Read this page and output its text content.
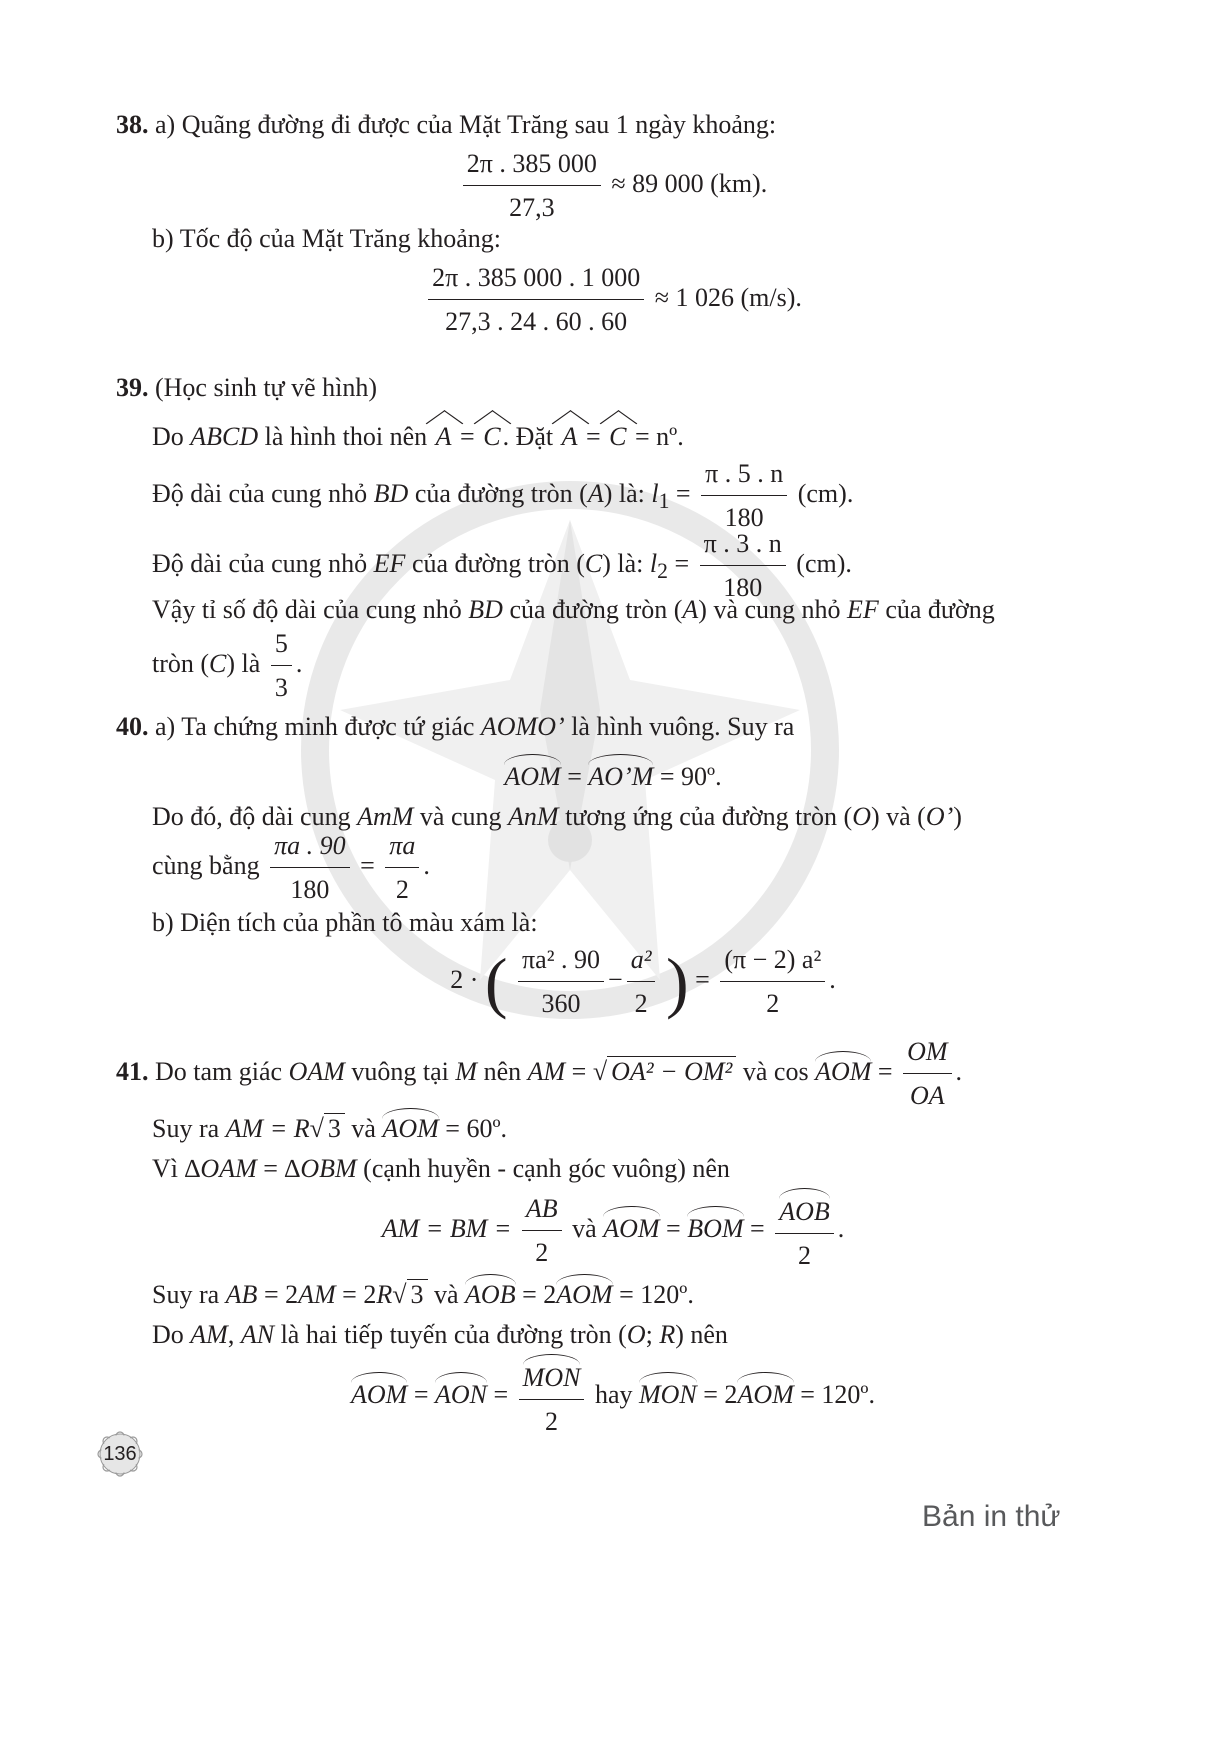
38. a) Quãng đường đi được của Mặt Trăng sau 1 ngày khoảng:
$\frac{2\pi . 385 000}{27,3} \approx 89$ 000 (km).
b) Tốc độ của Mặt Trăng khoảng:
$\frac{2\pi . 385 000 . 1 000}{27,3 . 24 . 60 . 60} \approx 1$ 026 (m/s).
39. (Học sinh tự vẽ hình)
Do ABCD là hình thoi nên A = C. Đặt A = C = nº.
Độ dài của cung nhỏ BD của đường tròn (A) là: $l_1 = \frac{\pi . 5 . n}{180} (cm)$.
Độ dài của cung nhỏ EF của đường tròn (C) là: $l_2 = \frac{\pi . 3 . n}{180} (cm)$.
Vậy tỉ số độ dài của cung nhỏ BD của đường tròn (A) và cung nhỏ EF của đường
tròn (C) là $\frac{5}{3}$ .
40. a) Ta chứng minh được tứ giác AOMO’ là hình vuông. Suy ra
AOM = AO’M = 90º.
Do đó, độ dài cung AmM và cung AnM tương ứng của đường tròn (O) và (O’)
cùng bằng $\frac{\pi a . 90}{180} = \frac{\pi a}{2}$ .
b) Diện tích của phần tô màu xám là:
2 · ( $\frac{\text{πa² . 90}}{360} - \frac{\text{a²}}{2}$ ) = $\frac{\text{(π − 2) a²}}{2}$ .
41. Do tam giác OAM vuông tại M nên AM = √ OA² − OM² và cos AOM = $\frac{OM}{OA}$ .
Suy ra AM = R√ 3 và AOM = 60º.
Vì ∆OAM = ∆OBM (cạnh huyền - cạnh góc vuông) nên
AM = BM = $\frac{AB}{2}$ và AOM = BOM = $\frac{\text{AOB}}{2}$ .
Suy ra AB = 2AM = 2R√ 3 và AOB = 2AOM = 120º.
Do AM, AN là hai tiếp tuyến của đường tròn (O; R) nên
AOM = AON = $\frac{\text{MON}}{2}$ hay MON = 2AOM = 120º.
136
Bản in thử
